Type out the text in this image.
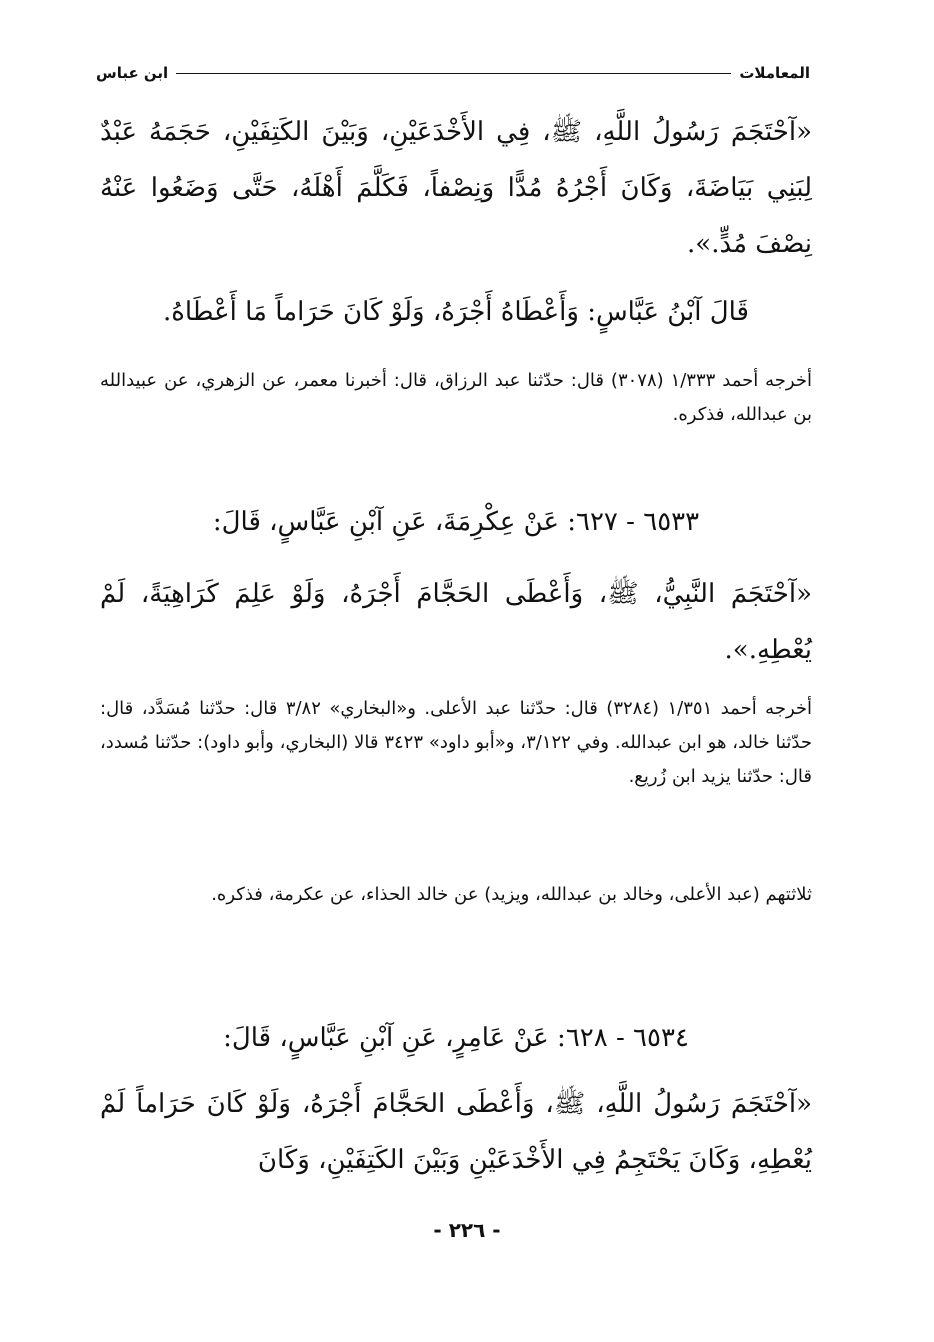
المعاملات
ابن عباس
«آحْتَجَمَ رَسُولُ اللَّهِ، ﷺ، فِي الأَخْدَعَيْنِ، وَبَيْنَ الكَتِفَيْنِ، حَجَمَهُ عَبْدٌ لِبَنِي بَيَاضَةَ، وَكَانَ أَجْرُهُ مُدًّا وَنِصْفاً، فَكَلَّمَ أَهْلَهُ، حَتَّى وَضَعُوا عَنْهُ نِصْفَ مُدٍّ.».
قَالَ آبْنُ عَبَّاسٍ: وَأَعْطَاهُ أَجْرَهُ، وَلَوْ كَانَ حَرَاماً مَا أَعْطَاهُ.
أخرجه أحمد ١/٣٣٣ (٣٠٧٨) قال: حدّثنا عبد الرزاق، قال: أخبرنا معمر، عن الزهري، عن عبيدالله بن عبدالله، فذكره.
٦٥٣٣ - ٦٢٧: عَنْ عِكْرِمَةَ، عَنِ آبْنِ عَبَّاسٍ، قَالَ:
«آحْتَجَمَ النَّبِيُّ، ﷺ، وَأَعْطَى الحَجَّامَ أَجْرَهُ، وَلَوْ عَلِمَ كَرَاهِيَةً، لَمْ يُعْطِهِ.».
أخرجه أحمد ١/٣٥١ (٣٢٨٤) قال: حدّثنا عبد الأعلى. و«البخاري» ٣/٨٢ قال: حدّثنا مُسَدَّد، قال: حدّثنا خالد، هو ابن عبدالله. وفي ٣/١٢٢، و«أبو داود» ٣٤٢٣ قالا (البخاري، وأبو داود): حدّثنا مُسدد، قال: حدّثنا يزيد ابن زُريع.
ثلاثتهم (عبد الأعلى، وخالد بن عبدالله، ويزيد) عن خالد الحذاء، عن عكرمة، فذكره.
٦٥٣٤ - ٦٢٨: عَنْ عَامِرٍ، عَنِ آبْنِ عَبَّاسٍ، قَالَ:
«آحْتَجَمَ رَسُولُ اللَّهِ، ﷺ، وَأَعْطَى الحَجَّامَ أَجْرَهُ، وَلَوْ كَانَ حَرَاماً لَمْ يُعْطِهِ، وَكَانَ يَحْتَجِمُ فِي الأَخْدَعَيْنِ وَبَيْنَ الكَتِفَيْنِ، وَكَانَ
- ٢٢٦ -
